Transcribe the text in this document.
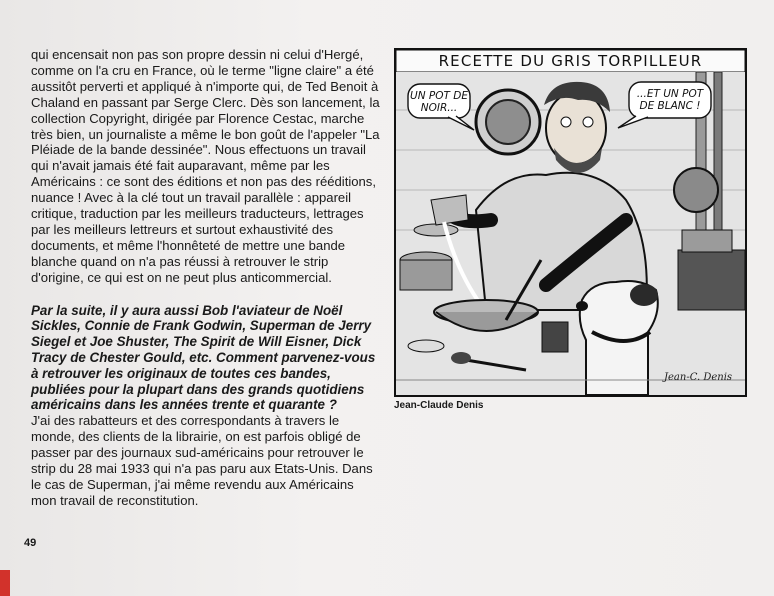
qui encensait non pas son propre dessin ni celui d'Hergé, comme on l'a cru en France, où le terme "ligne claire" a été aussitôt perverti et appliqué à n'importe qui, de Ted Benoit à Chaland en passant par Serge Clerc. Dès son lancement, la collection Copyright, dirigée par Florence Cestac, marche très bien, un journaliste a même le bon goût de l'appeler "La Pléiade de la bande dessinée". Nous effectuons un travail qui n'avait jamais été fait auparavant, même par les Américains : ce sont des éditions et non pas des rééditions, nuance ! Avec à la clé tout un travail parallèle : appareil critique, traduction par les meilleurs traducteurs, lettrages par les meilleurs lettreurs et surtout exhaustivité des documents, et même l'honnêteté de mettre une bande blanche quand on n'a pas réussi à retrouver le strip d'origine, ce qui est on ne peut plus anticommercial.

Par la suite, il y aura aussi Bob l'aviateur de Noël Sickles, Connie de Frank Godwin, Superman de Jerry Siegel et Joe Shuster, The Spirit de Will Eisner, Dick Tracy de Chester Gould, etc. Comment parvenez-vous à retrouver les originaux de toutes ces bandes, publiées pour la plupart dans des grands quotidiens américains dans les années trente et quarante ?

J'ai des rabatteurs et des correspondants à travers le monde, des clients de la librairie, on est parfois obligé de passer par des journaux sud-américains pour retrouver le strip du 28 mai 1933 qui n'a pas paru aux Etats-Unis. Dans le cas de Superman, j'ai même revendu aux Américains mon travail de reconstitution.

49
RECETTE DU GRIS TORPILLEUR
UN POT DE NOIR...
...ET UN POT DE BLANC !
Jean-C. Denis
Jean-Claude Denis
